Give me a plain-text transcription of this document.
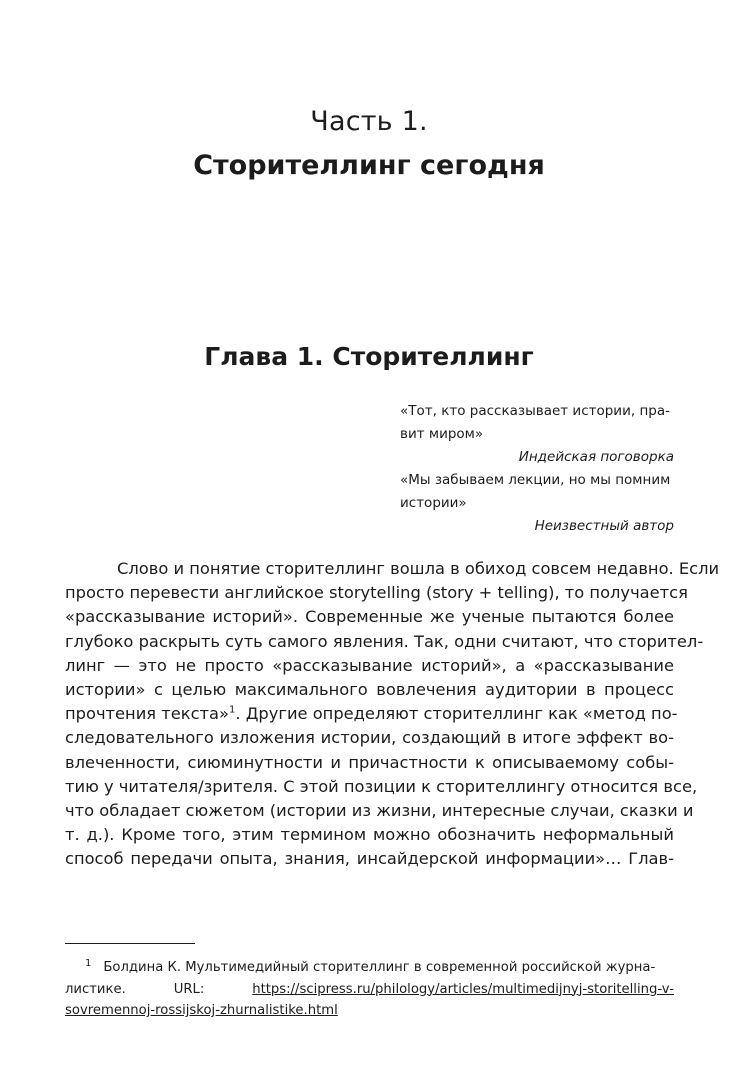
Часть 1.
Сторителлинг сегодня
Глава 1. Сторителлинг

«Тот, кто рассказывает истории, пра-

вит миром»

Индейская поговорка

«Мы забываем лекции, но мы помним

истории»

Неизвестный автор

Слово и понятие сторителлинг вошла в обиход совсем недавно. Если
просто перевести английское storytelling (story + telling), то получается
«рассказывание историй». Современные же ученые пытаются более
глубоко раскрыть суть самого явления. Так, одни считают, что сторител-
линг — это не просто «рассказывание историй», а «рассказывание
истории» с целью максимального вовлечения аудитории в процесс
прочтения текста»$^1$. Другие определяют сторителлинг как «метод по-
следовательного изложения истории, создающий в итоге эффект во-
влеченности, сиюминутности и причастности к описываемому собы-
тию у читателя/зрителя. С этой позиции к сторителлингу относится все,
что обладает сюжетом (истории из жизни, интересные случаи, сказки и
т. д.). Кроме того, этим термином можно обозначить неформальный
способ передачи опыта, знания, инсайдерской информации»… Глав-
$^1$ Болдина К. Мультимедийный сторителлинг в современной российской журна-
листике.	URL:	https://scipress.ru/philology/articles/multimedijnyj-storitelling-v-
sovremennoj-rossijskoj-zhurnalistike.html
